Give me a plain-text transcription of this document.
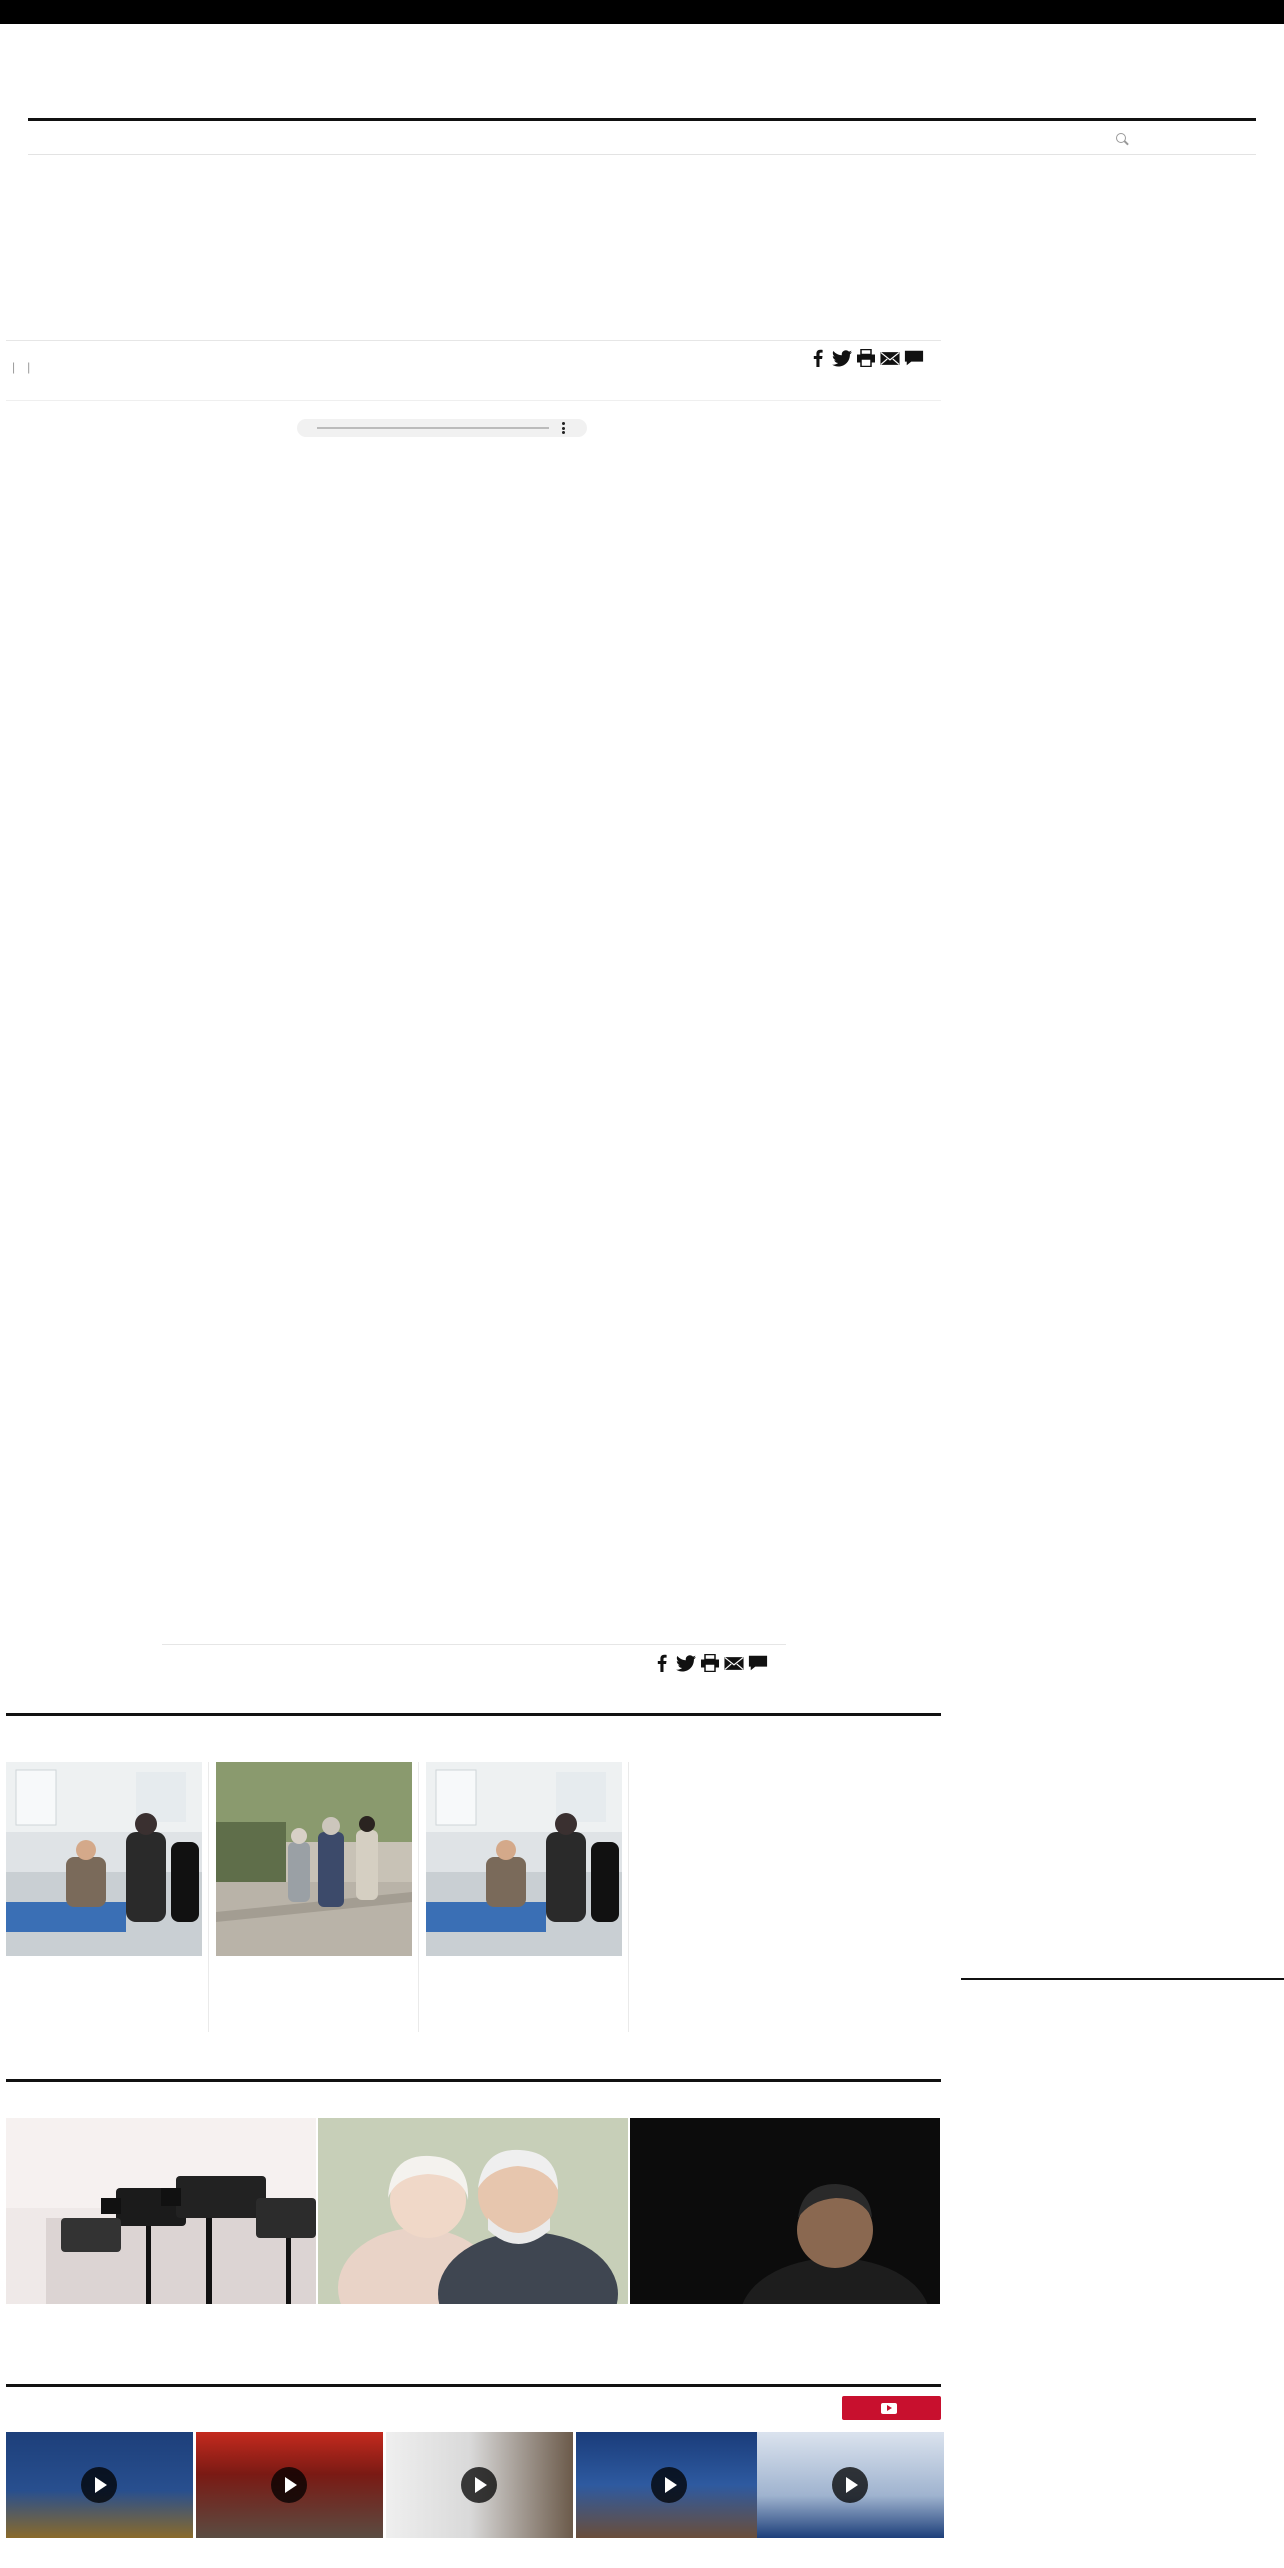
| |
